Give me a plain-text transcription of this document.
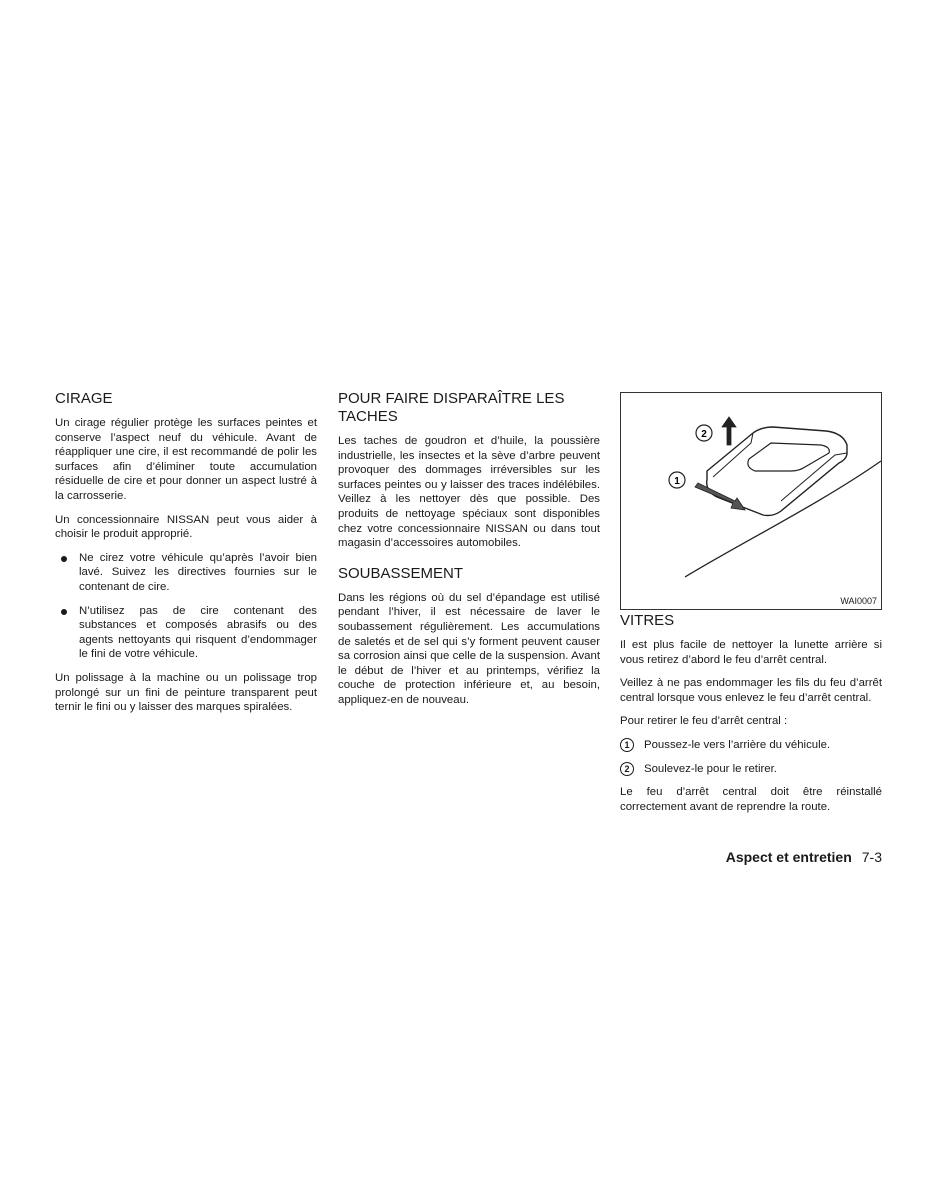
CIRAGE

Un cirage régulier protège les surfaces peintes et conserve l’aspect neuf du véhicule. Avant de réappliquer une cire, il est recommandé de polir les surfaces afin d’éliminer toute accumulation résiduelle de cire et pour donner un aspect lustré à la carrosserie.

Un concessionnaire NISSAN peut vous aider à choisir le produit approprié.

Ne cirez votre véhicule qu’après l’avoir bien lavé. Suivez les directives fournies sur le contenant de cire.
N’utilisez pas de cire contenant des substances et composés abrasifs ou des agents nettoyants qui risquent d’endommager le fini de votre véhicule.

Un polissage à la machine ou un polissage trop prolongé sur un fini de peinture transparent peut ternir le fini ou y laisser des marques spiralées.

POUR FAIRE DISPARAÎTRE LES TACHES

Les taches de goudron et d’huile, la poussière industrielle, les insectes et la sève d’arbre peuvent provoquer des dommages irréversibles sur les surfaces peintes ou y laisser des traces indélébiles. Veillez à les nettoyer dès que possible. Des produits de nettoyage spéciaux sont disponibles chez votre concessionnaire NISSAN ou dans tout magasin d’accessoires automobiles.

SOUBASSEMENT

Dans les régions où du sel d’épandage est utilisé pendant l’hiver, il est nécessaire de laver le soubassement régulièrement. Les accumulations de saletés et de sel qui s’y forment peuvent causer sa corrosion ainsi que celle de la suspension. Avant le début de l’hiver et au printemps, vérifiez la couche de protection inférieure et, au besoin, appliquez-en de nouveau.

2
1
WAI0007
VITRES

Il est plus facile de nettoyer la lunette arrière si vous retirez d’abord le feu d’arrêt central.

Veillez à ne pas endommager les fils du feu d’arrêt central lorsque vous enlevez le feu d’arrêt central.

Pour retirer le feu d’arrêt central :

1	Poussez-le vers l’arrière du véhicule.
2	Soulevez-le pour le retirer.

Le feu d’arrêt central doit être réinstallé correctement avant de reprendre la route.

Aspect et entretien 7-3
